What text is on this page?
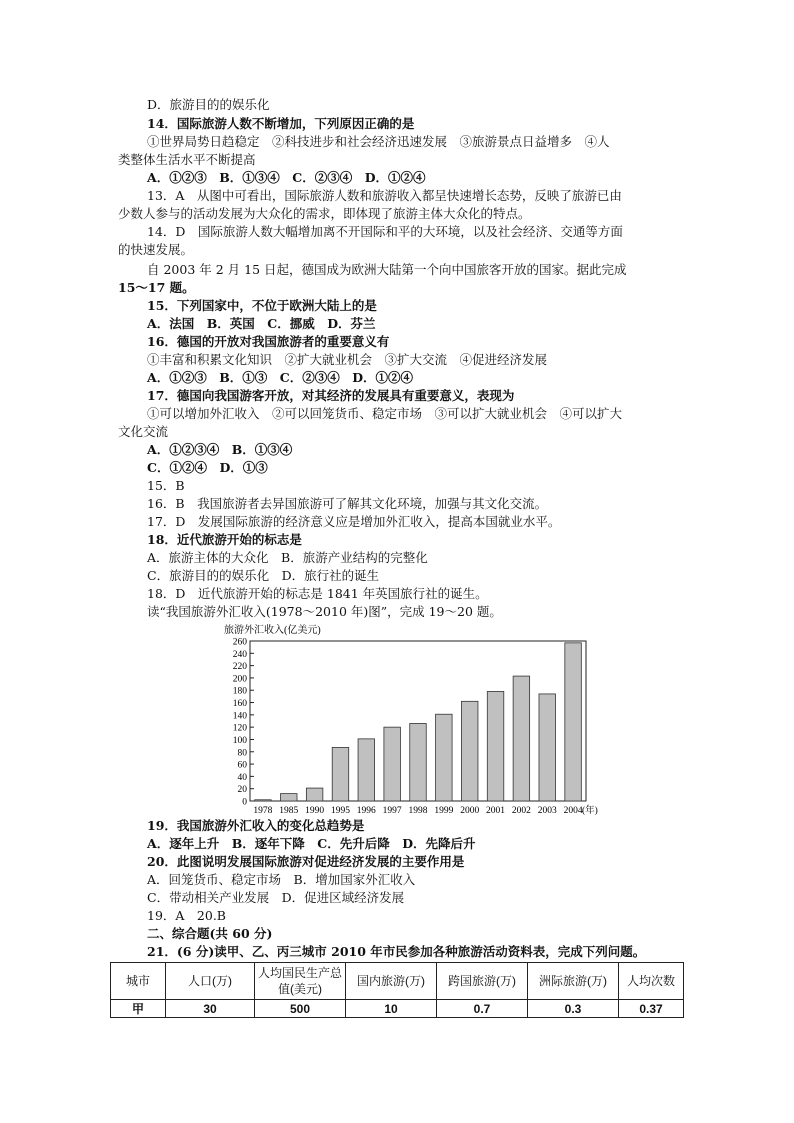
D．旅游目的的娱乐化
14．国际旅游人数不断增加，下列原因正确的是
①世界局势日趋稳定　②科技进步和社会经济迅速发展　③旅游景点日益增多　④人
类整体生活水平不断提高
A．①②③　B．①③④　C．②③④　D．①②④
13．A　从图中可看出，国际旅游人数和旅游收入都呈快速增长态势，反映了旅游已由
少数人参与的活动发展为大众化的需求，即体现了旅游主体大众化的特点。
14．D　国际旅游人数大幅增加离不开国际和平的大环境，以及社会经济、交通等方面
的快速发展。
自 2003 年 2 月 15 日起，德国成为欧洲大陆第一个向中国旅客开放的国家。据此完成
15～17 题。
15．下列国家中，不位于欧洲大陆上的是
A．法国　B．英国　C．挪威　D．芬兰
16．德国的开放对我国旅游者的重要意义有
①丰富和积累文化知识　②扩大就业机会　③扩大交流　④促进经济发展
A．①②③　B．①③　C．②③④　D．①②④
17．德国向我国游客开放，对其经济的发展具有重要意义，表现为
①可以增加外汇收入　②可以回笼货币、稳定市场　③可以扩大就业机会　④可以扩大
文化交流
A．①②③④　B．①③④
C．①②④　D．①③
15．B
16．B　我国旅游者去异国旅游可了解其文化环境，加强与其文化交流。
17．D　发展国际旅游的经济意义应是增加外汇收入，提高本国就业水平。
18．近代旅游开始的标志是
A．旅游主体的大众化　B．旅游产业结构的完整化
C．旅游目的的娱乐化　D．旅行社的诞生
18．D　近代旅游开始的标志是 1841 年英国旅行社的诞生。
读“我国旅游外汇收入(1978～2010 年)图”，完成 19～20 题。
旅游外汇收入(亿美元)
0
20
40
60
80
100
120
140
160
180
200
220
240
260
1978 1985 1990 1995 1996 1997 1998 1999 2000 2001 2002 2003 2004 (年)
19．我国旅游外汇收入的变化总趋势是
A．逐年上升　B．逐年下降　C．先升后降　D．先降后升
20．此图说明发展国际旅游对促进经济发展的主要作用是
A．回笼货币、稳定市场　B．增加国家外汇收入
C．带动相关产业发展　D．促进区域经济发展
19．A　20.B
二、综合题(共 60 分)
21．(6 分)读甲、乙、丙三城市 2010 年市民参加各种旅游活动资料表，完成下列问题。
城市	人口(万)	人均国民生产总值(美元)	国内旅游(万)	跨国旅游(万)	洲际旅游(万)	人均次数
甲	30	500	10	0.7	0.3	0.37
